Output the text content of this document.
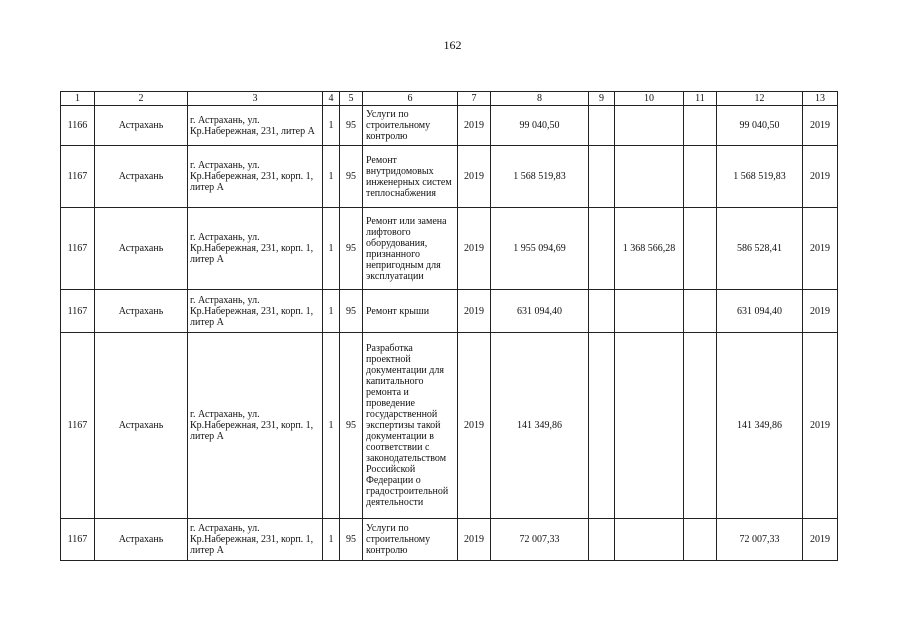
162
1	2	3	4	5	6	7	8	9	10	11	12	13
1166	Астрахань	г. Астрахань, ул. Кр.Набережная, 231, литер А	1	95	Услуги по строительному контролю	2019	99 040,50				99 040,50	2019
1167	Астрахань	г. Астрахань, ул. Кр.Набережная, 231, корп. 1, литер А	1	95	Ремонт внутридомовых инженерных систем теплоснабжения	2019	1 568 519,83				1 568 519,83	2019
1167	Астрахань	г. Астрахань, ул. Кр.Набережная, 231, корп. 1, литер А	1	95	Ремонт или замена лифтового оборудования, признанного непригодным для эксплуатации	2019	1 955 094,69		1 368 566,28		586 528,41	2019
1167	Астрахань	г. Астрахань, ул. Кр.Набережная, 231, корп. 1, литер А	1	95	Ремонт крыши	2019	631 094,40				631 094,40	2019
1167	Астрахань	г. Астрахань, ул. Кр.Набережная, 231, корп. 1, литер А	1	95	Разработка проектной документации для капитального ремонта и проведение государственной экспертизы такой документации в соответствии с законодательством Российской Федерации о градостроительной деятельности	2019	141 349,86				141 349,86	2019
1167	Астрахань	г. Астрахань, ул. Кр.Набережная, 231, корп. 1, литер А	1	95	Услуги по строительному контролю	2019	72 007,33				72 007,33	2019
